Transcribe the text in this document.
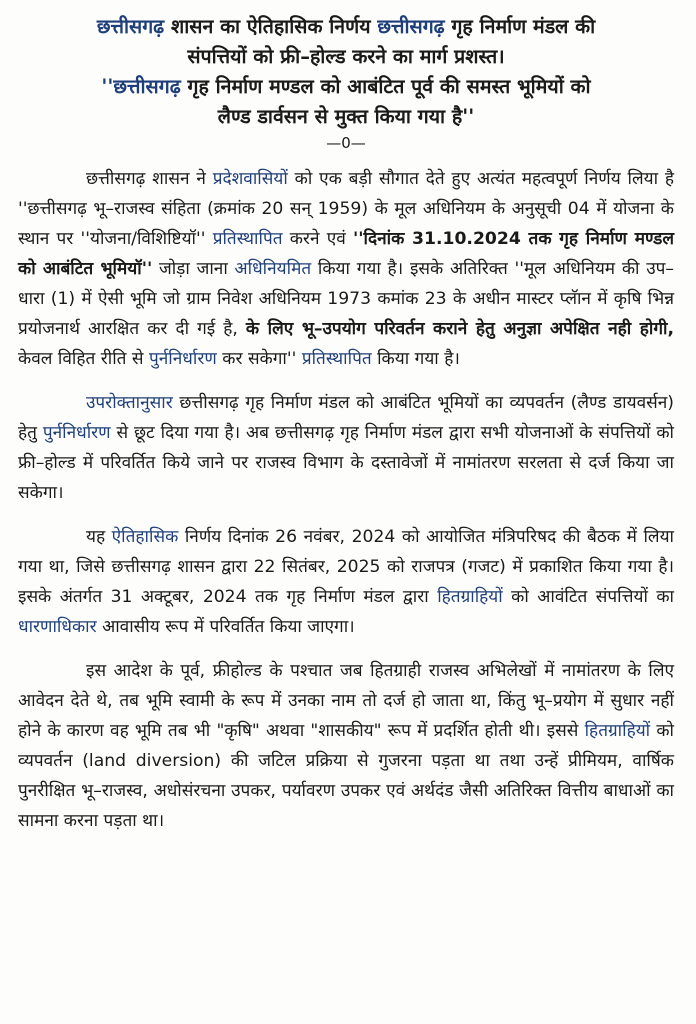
छत्तीसगढ़ शासन का ऐतिहासिक निर्णय छत्तीसगढ़ गृह निर्माण मंडल की
संपत्तियों को फ्री–होल्ड करने का मार्ग प्रशस्त।
''छत्तीसगढ़ गृह निर्माण मण्डल को आबंटित पूर्व की समस्त भूमियों को
लैण्ड डार्वसन से मुक्त किया गया है''
—0—

छत्तीसगढ़ शासन ने प्रदेशवासियों को एक बड़ी सौगात देते हुए अत्यंत महत्वपूर्ण निर्णय लिया है ''छत्तीसगढ़ भू–राजस्व संहिता (क्रमांक 20 सन् 1959) के मूल अधिनियम के अनुसूची 04 में योजना के स्थान पर ''योजना/विशिष्टियॉ'' प्रतिस्थापित करने एवं ''दिनांक 31.10.2024 तक गृह निर्माण मण्डल को आबंटित भूमियॉ'' जोड़ा जाना अधिनियमित किया गया है। इसके अतिरिक्त ''मूल अधिनियम की उप–धारा (1) में ऐसी भूमि जो ग्राम निवेश अधिनियम 1973 कमांक 23 के अधीन मास्टर प्लॅान में कृषि भिन्न प्रयोजनार्थ आरक्षित कर दी गई है, के लिए भू–उपयोग परिवर्तन कराने हेतु अनुज्ञा अपेक्षित नही होगी, केवल विहित रीति से पुर्ननिर्धारण कर सकेगा'' प्रतिस्थापित किया गया है।

उपरोक्तानुसार छत्तीसगढ़ गृह निर्माण मंडल को आबंटित भूमियों का व्यपवर्तन (लैण्ड डायवर्सन) हेतु पुर्ननिर्धारण से छूट दिया गया है। अब छत्तीसगढ़ गृह निर्माण मंडल द्वारा सभी योजनाओं के संपत्तियों को फ्री–होल्ड में परिवर्तित किये जाने पर राजस्व विभाग के दस्तावेजों में नामांतरण सरलता से दर्ज किया जा सकेगा।

यह ऐतिहासिक निर्णय दिनांक 26 नवंबर, 2024 को आयोजित मंत्रिपरिषद की बैठक में लिया गया था, जिसे छत्तीसगढ़ शासन द्वारा 22 सितंबर, 2025 को राजपत्र (गजट) में प्रकाशित किया गया है। इसके अंतर्गत 31 अक्टूबर, 2024 तक गृह निर्माण मंडल द्वारा हितग्राहियों को आवंटित संपत्तियों का धारणाधिकार आवासीय रूप में परिवर्तित किया जाएगा।

इस आदेश के पूर्व, फ्रीहोल्ड के पश्चात जब हितग्राही राजस्व अभिलेखों में नामांतरण के लिए आवेदन देते थे, तब भूमि स्वामी के रूप में उनका नाम तो दर्ज हो जाता था, किंतु भू–प्रयोग में सुधार नहीं होने के कारण वह भूमि तब भी "कृषि" अथवा "शासकीय" रूप में प्रदर्शित होती थी। इससे हितग्राहियों को व्यपवर्तन (land diversion) की जटिल प्रक्रिया से गुजरना पड़ता था तथा उन्हें प्रीमियम, वार्षिक पुनरीक्षित भू–राजस्व, अधोसंरचना उपकर, पर्यावरण उपकर एवं अर्थदंड जैसी अतिरिक्त वित्तीय बाधाओं का सामना करना पड़ता था।
